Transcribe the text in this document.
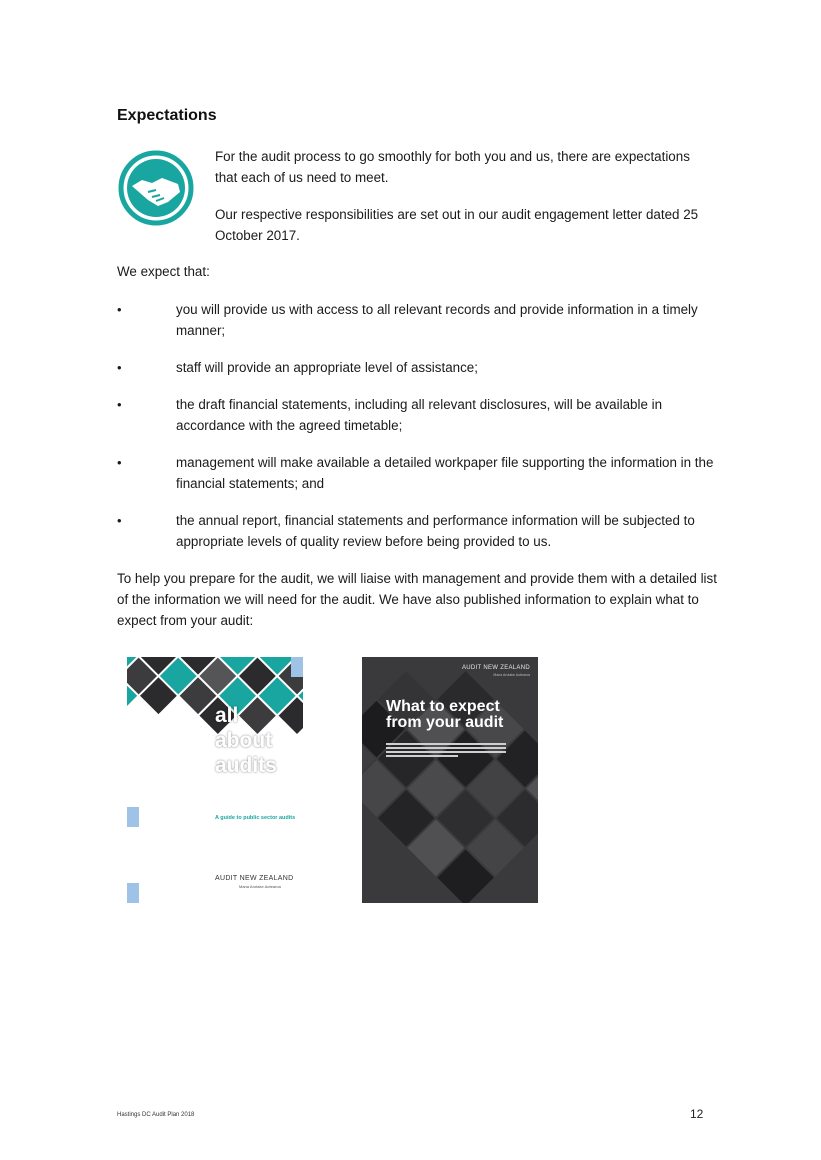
Expectations

For the audit process to go smoothly for both you and us, there are expectations that each of us need to meet.

Our respective responsibilities are set out in our audit engagement letter dated 25 October 2017.

We expect that:

•	you will provide us with access to all relevant records and provide information in a timely manner;
•	staff will provide an appropriate level of assistance;
•	the draft financial statements, including all relevant disclosures, will be available in accordance with the agreed timetable;
•	management will make available a detailed workpaper file supporting the information in the financial statements; and
•	the annual report, financial statements and performance information will be subjected to appropriate levels of quality review before being provided to us.

To help you prepare for the audit, we will liaise with management and provide them with a detailed list of the information we will need for the audit. We have also published information to explain what to expect from your audit:

all
about
audits
A guide to public sector audits
AUDIT NEW ZEALAND
Mana Arotake Aotearoa
AUDIT NEW ZEALAND
Mana Arotake Aotearoa
What to expect
from your audit
Hastings DC Audit Plan 2018	12
